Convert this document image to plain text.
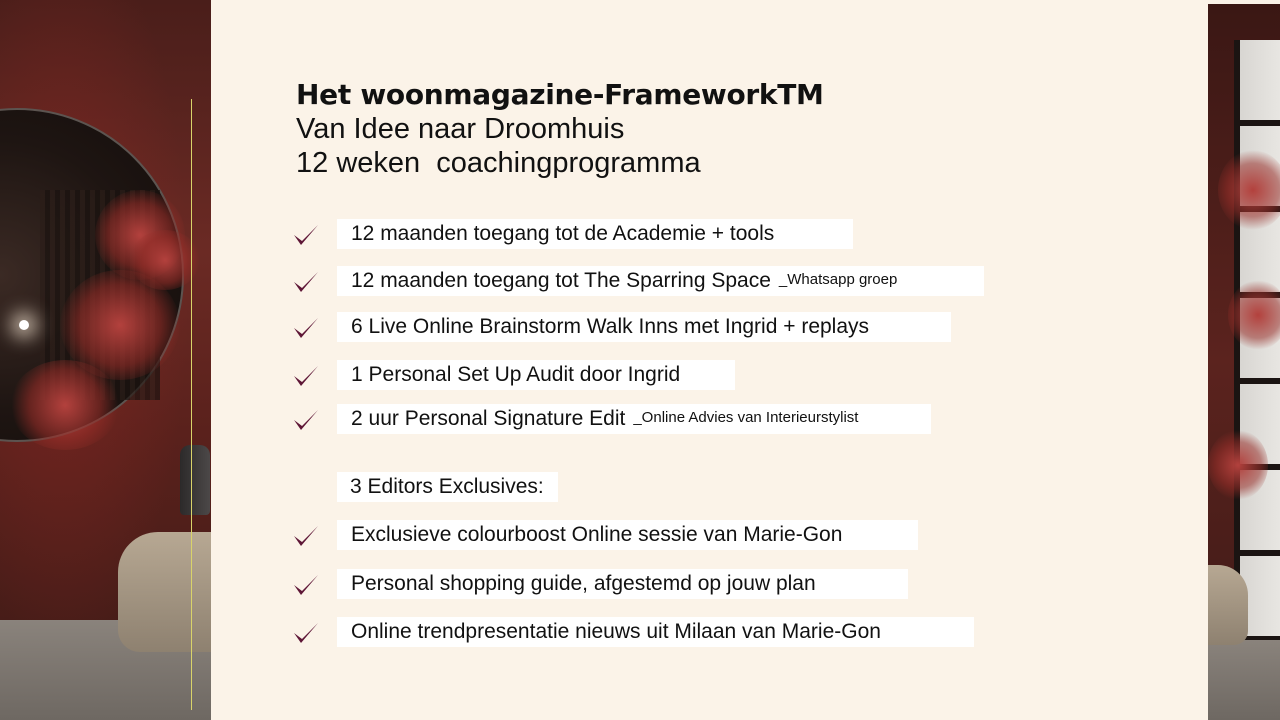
Het woonmagazine-FrameworkTM
Van Idee naar Droomhuis
12 weken  coachingprogramma
12 maanden toegang tot de Academie + tools
12 maanden toegang tot The Sparring Space _Whatsapp groep
6 Live Online Brainstorm Walk Inns met Ingrid + replays
1 Personal Set Up Audit door Ingrid
2 uur Personal Signature Edit _Online Advies van Interieurstylist
3 Editors Exclusives:
Exclusieve colourboost Online sessie van Marie-Gon
Personal shopping guide, afgestemd op jouw plan
Online trendpresentatie nieuws uit Milaan van Marie-Gon
